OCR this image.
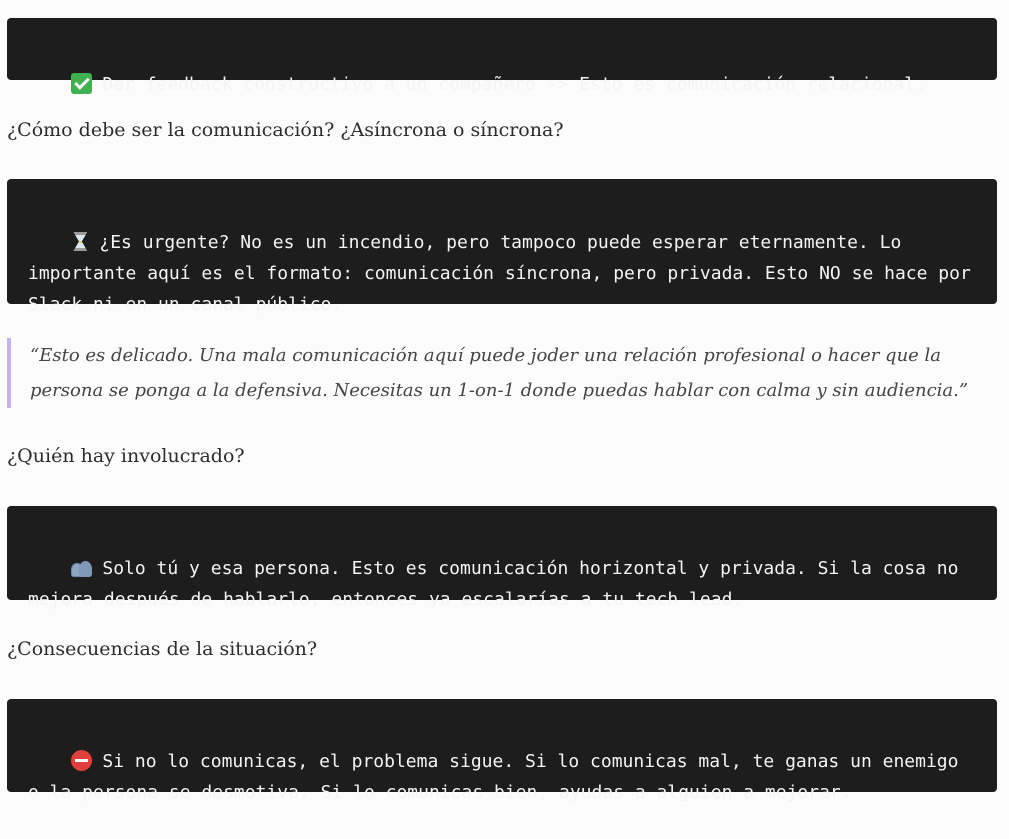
Dar feedback constructivo a un compañero -> Esto es comunicación relacional.

¿Cómo debe ser la comunicación? ¿Asíncrona o síncrona?

¿Es urgente? No es un incendio, pero tampoco puede esperar eternamente. Lo importante aquí es el formato: comunicación síncrona, pero privada. Esto NO se hace por Slack ni en un canal público.

“Esto es delicado. Una mala comunicación aquí puede joder una relación profesional o hacer que la persona se ponga a la defensiva. Necesitas un 1-on-1 donde puedas hablar con calma y sin audiencia.”
¿Quién hay involucrado?

Solo tú y esa persona. Esto es comunicación horizontal y privada. Si la cosa no mejora después de hablarlo, entonces ya escalarías a tu tech lead.

¿Consecuencias de la situación?

Si no lo comunicas, el problema sigue. Si lo comunicas mal, te ganas un enemigo o la persona se desmotiva. Si lo comunicas bien, ayudas a alguien a mejorar.
